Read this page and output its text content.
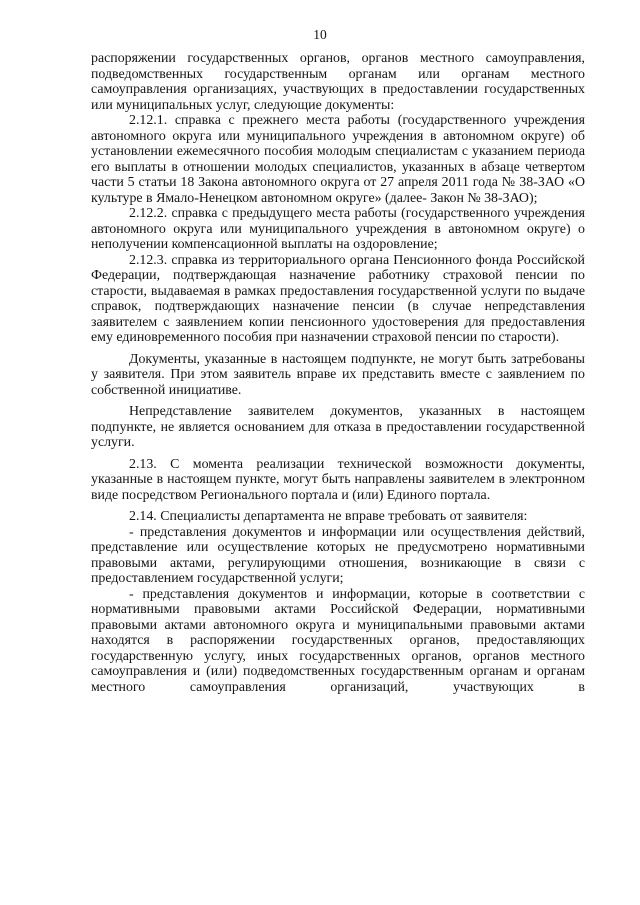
10

распоряжении государственных органов, органов местного самоуправления, подведомственных государственным органам или органам местного самоуправления организациях, участвующих в предоставлении государственных или муниципальных услуг, следующие документы:

2.12.1. справка с прежнего места работы (государственного учреждения автономного округа или муниципального учреждения в автономном округе) об установлении ежемесячного пособия молодым специалистам с указанием периода его выплаты в отношении молодых специалистов, указанных в абзаце четвертом части 5 статьи 18 Закона автономного округа от 27 апреля 2011 года № 38-ЗАО «О культуре в Ямало-Ненецком автономном округе» (далее- Закон № 38-ЗАО);

2.12.2. справка с предыдущего места работы (государственного учреждения автономного округа или муниципального учреждения в автономном округе) о неполучении компенсационной выплаты на оздоровление;

2.12.3. справка из территориального органа Пенсионного фонда Российской Федерации, подтверждающая назначение работнику страховой пенсии по старости, выдаваемая в рамках предоставления государственной услуги по выдаче справок, подтверждающих назначение пенсии (в случае непредставления заявителем с заявлением копии пенсионного удостоверения для предоставления ему единовременного пособия при назначении страховой пенсии по старости).

Документы, указанные в настоящем подпункте, не могут быть затребованы у заявителя. При этом заявитель вправе их представить вместе с заявлением по собственной инициативе.

Непредставление заявителем документов, указанных в настоящем подпункте, не является основанием для отказа в предоставлении государственной услуги.

2.13. С момента реализации технической возможности документы, указанные в настоящем пункте, могут быть направлены заявителем в электронном виде посредством Регионального портала и (или) Единого портала.

2.14. Специалисты департамента не вправе требовать от заявителя:

- представления документов и информации или осуществления действий, представление или осуществление которых не предусмотрено нормативными правовыми актами, регулирующими отношения, возникающие в связи с предоставлением государственной услуги;

- представления документов и информации, которые в соответствии с нормативными правовыми актами Российской Федерации, нормативными правовыми актами автономного округа и муниципальными правовыми актами находятся в распоряжении государственных органов, предоставляющих государственную услугу, иных государственных органов, органов местного самоуправления и (или) подведомственных государственным органам и органам местного самоуправления организаций, участвующих в
